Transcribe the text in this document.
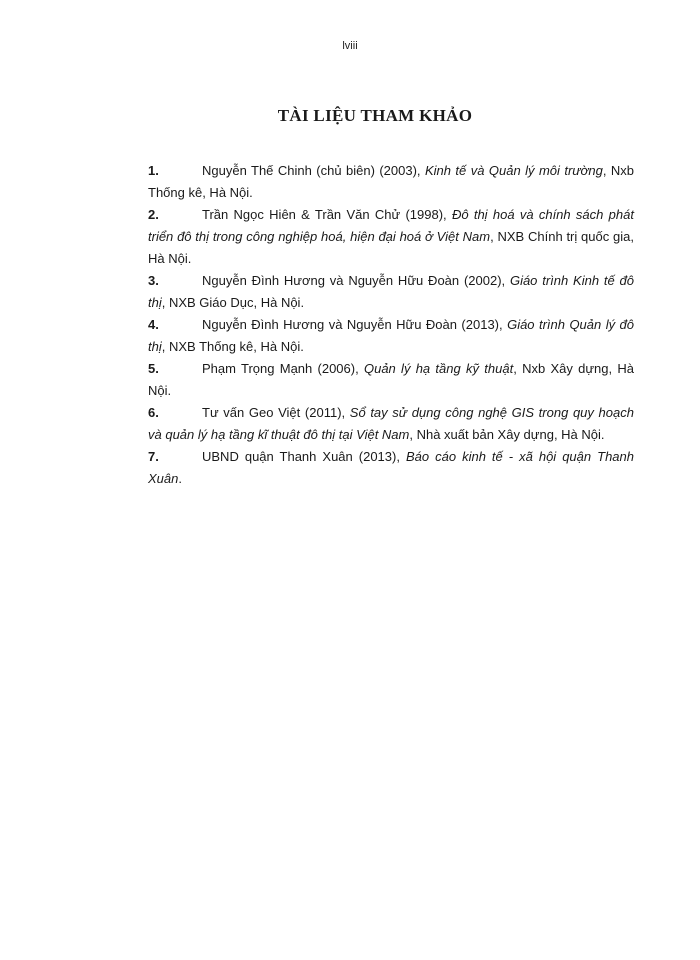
lviii
TÀI LIỆU THAM KHẢO
1.	Nguyễn Thế Chinh (chủ biên) (2003), Kinh tế và Quản lý môi trường, Nxb Thống kê, Hà Nội.
2.	Trần Ngọc Hiên & Trần Văn Chử (1998), Đô thị hoá và chính sách phát triển đô thị trong công nghiệp hoá, hiện đại hoá ở Việt Nam, NXB Chính trị quốc gia, Hà Nội.
3.	Nguyễn Đình Hương và Nguyễn Hữu Đoàn (2002), Giáo trình Kinh tế đô thị, NXB Giáo Dục, Hà Nội.
4.	Nguyễn Đình Hương và Nguyễn Hữu Đoàn (2013), Giáo trình Quản lý đô thị, NXB Thống kê, Hà Nội.
5.	Phạm Trọng Mạnh (2006), Quản lý hạ tầng kỹ thuật, Nxb Xây dựng, Hà Nội.
6.	Tư vấn Geo Việt (2011), Sổ tay sử dụng công nghệ GIS trong quy hoạch và quản lý hạ tầng kĩ thuật đô thị tại Việt Nam, Nhà xuất bản Xây dựng, Hà Nội.
7.	UBND quận Thanh Xuân (2013), Báo cáo kinh tế - xã hội quận Thanh Xuân.
